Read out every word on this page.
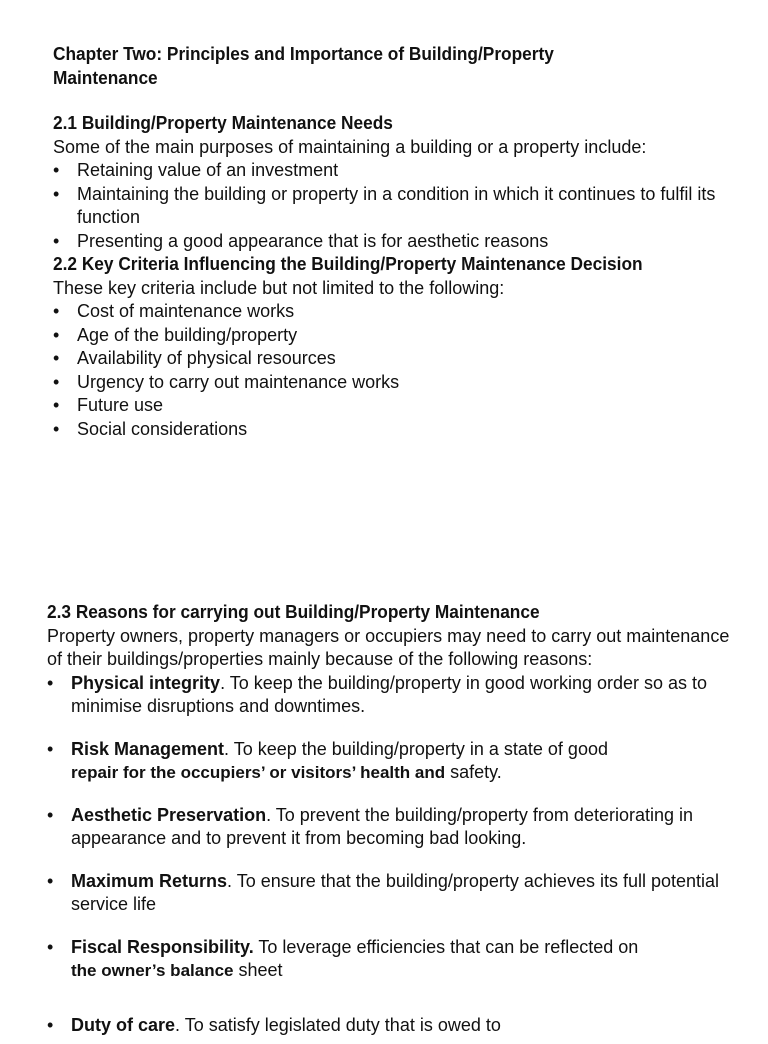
Chapter Two: Principles and Importance of Building/Property Maintenance

2.1 Building/Property Maintenance Needs

Some of the main purposes of maintaining a building or a property include:

• Retaining value of an investment
• Maintaining the building or property in a condition in which it continues to fulfil its function
• Presenting a good appearance that is for aesthetic reasons

2.2 Key Criteria Influencing the Building/Property Maintenance Decision

These key criteria include but not limited to the following:

• Cost of maintenance works
• Age of the building/property
• Availability of physical resources
• Urgency to carry out maintenance works
• Future use
• Social considerations

2.3 Reasons for carrying out Building/Property Maintenance

Property owners, property managers or occupiers may need to carry out maintenance of their buildings/properties mainly because of the following reasons:

• Physical integrity. To keep the building/property in good working order so as to minimise disruptions and downtimes.
• Risk Management. To keep the building/property in a state of good
repair for the occupiers’ or visitors’ health and safety.
• Aesthetic Preservation. To prevent the building/property from deteriorating in appearance and to prevent it from becoming bad looking.
• Maximum Returns. To ensure that the building/property achieves its full potential service life
• Fiscal Responsibility. To leverage efficiencies that can be reflected on
the owner’s balance sheet
• Duty of care. To satisfy legislated duty that is owed to
